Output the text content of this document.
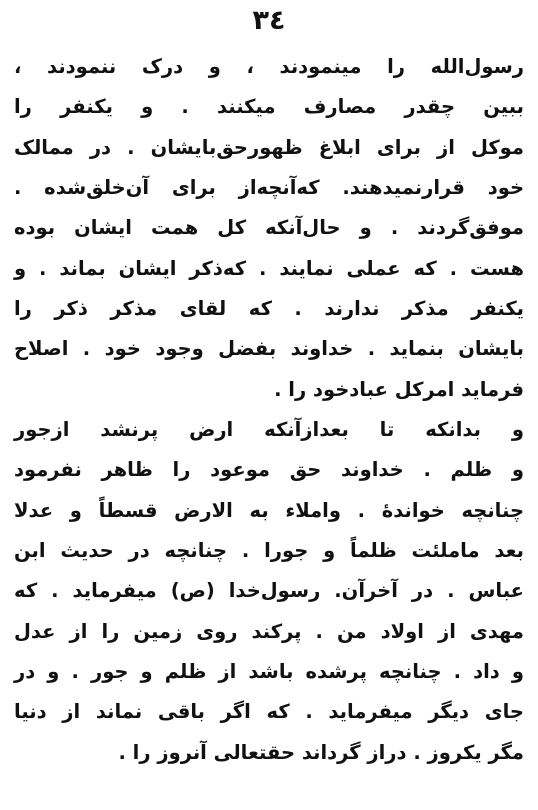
٣٤
رسول‌الله را مینمودند ، و درک ننمودند ،
ببین چقدر مصارف میکنند . و یکنفر را
موکل از برای ابلاغ ظهورحق‌بایشان . در ممالک
خود قرارنمیدهند. که‌آنچه‌از برای آن‌خلق‌شده .
موفق‌گردند . و حال‌آنکه کل همت ایشان بوده
هست . که عملی نمایند . که‌ذکر ایشان بماند . و
یکنفر مذکر ندارند . که لقای مذکر ذکر را
بایشان بنماید . خداوند بفضل وجود خود . اصلاح
فرماید امرکل عبادخود را .
و بدانکه تا بعدازآنکه ارض پرنشد ازجور
و ظلم . خداوند حق موعود را ظاهر نفرمود
چنانچه خوانده‌ٔ . واملاء به الارض قسطاً و عدلا
بعد ماملئت ظلماً و جورا . چنانچه در حدیث ابن
عباس . در آخرآن. رسول‌خدا (ص) میفرماید . که
مهدی از اولاد من . پرکند روی زمین را از عدل
و داد . چنانچه پرشده باشد از ظلم و جور . و در
جای دیگر میفرماید . که اگر باقی نماند از دنیا
مگر یکروز . دراز گرداند حقتعالی آنروز را .
